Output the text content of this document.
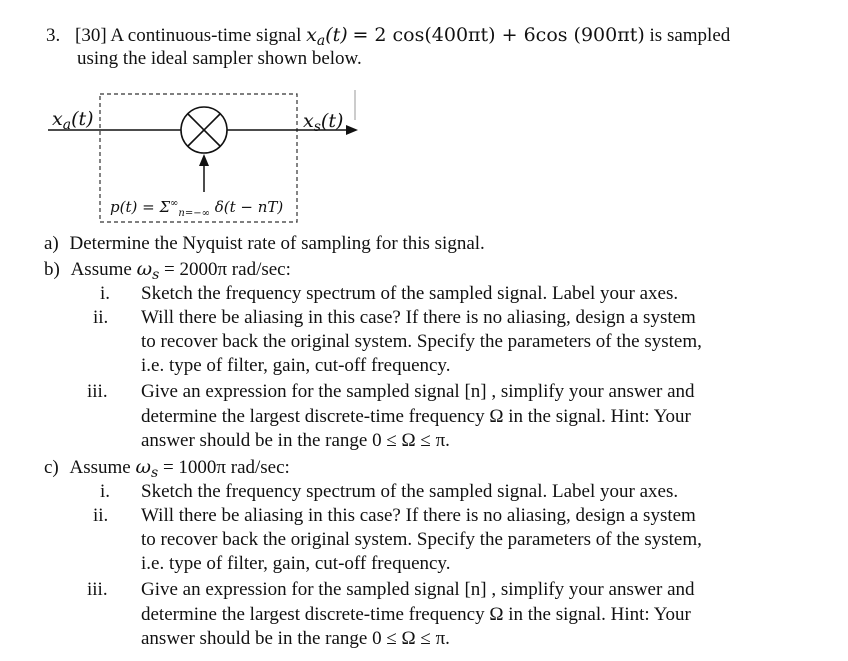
3. [30] A continuous-time signal $x_a(t) = 2$ cos(400πt) + 6cos (900πt) is sampled
using the ideal sampler shown below.
$x_a(t)$	$x_s(t)$
$p(t) = \Sigma^\infty_{n=-\infty}$ δ(t − nT)
a) Determine the Nyquist rate of sampling for this signal.
b) Assume $\omega_s = 2000\pi$ rad/sec:
i. Sketch the frequency spectrum of the sampled signal. Label your axes.
ii. Will there be aliasing in this case? If there is no aliasing, design a system
to recover back the original system. Specify the parameters of the system,
i.e. type of filter, gain, cut-off frequency.
iii. Give an expression for the sampled signal [n] , simplify your answer and
determine the largest discrete-time frequency Ω in the signal. Hint: Your
answer should be in the range 0 ≤ Ω ≤ π.
c) Assume $\omega_s = 1000\pi$ rad/sec:
i. Sketch the frequency spectrum of the sampled signal. Label your axes.
ii. Will there be aliasing in this case? If there is no aliasing, design a system
to recover back the original system. Specify the parameters of the system,
i.e. type of filter, gain, cut-off frequency.
iii. Give an expression for the sampled signal [n] , simplify your answer and
determine the largest discrete-time frequency Ω in the signal. Hint: Your
answer should be in the range 0 ≤ Ω ≤ π.
